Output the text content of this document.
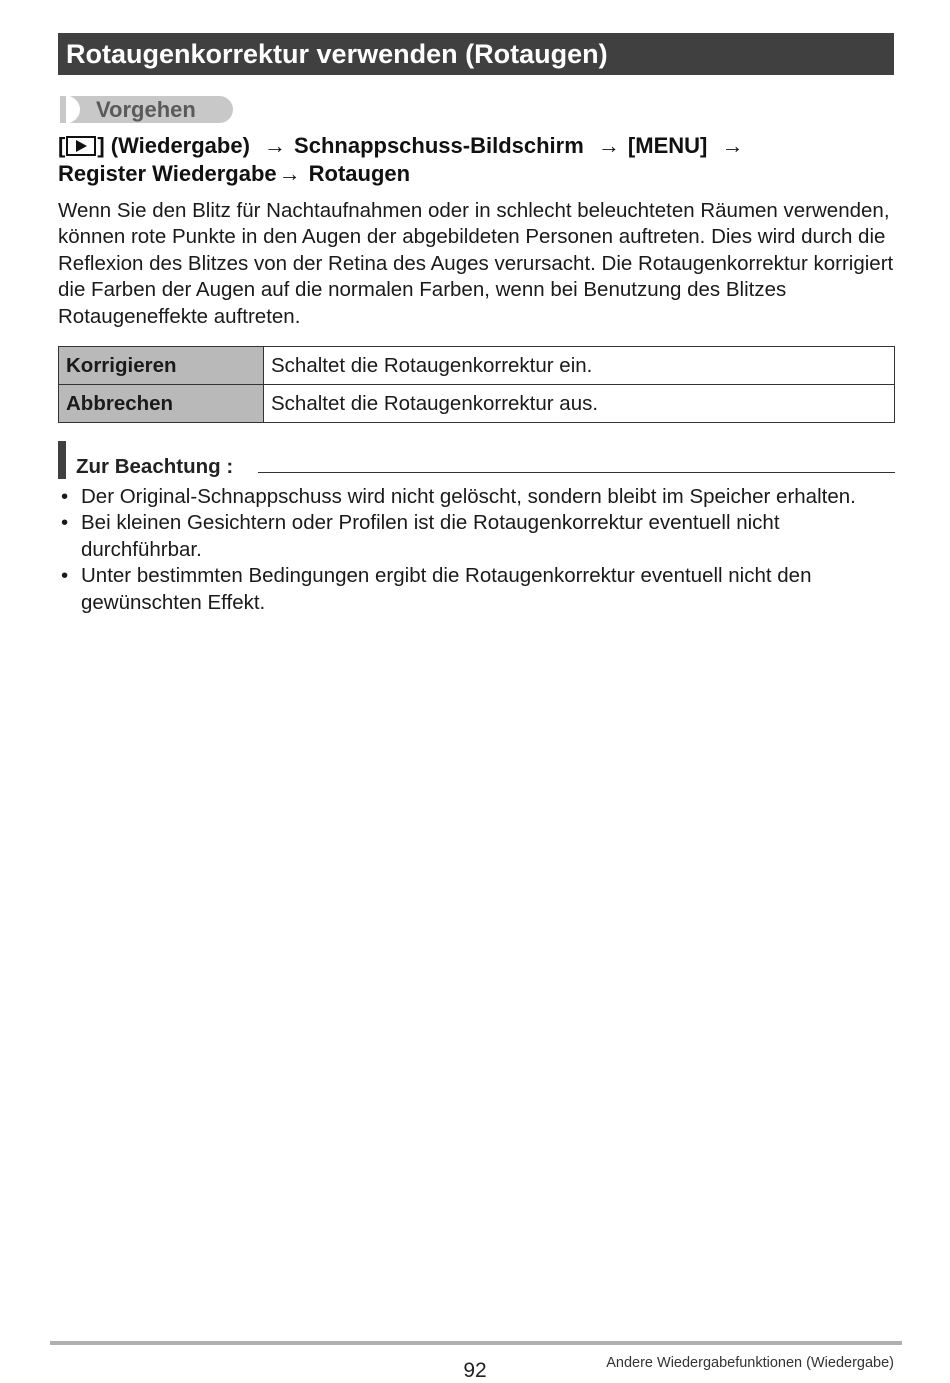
Rotaugenkorrektur verwenden (Rotaugen)
Vorgehen
[ ] (Wiedergabe) → Schnappschuss-Bildschirm → [MENU] →
Register Wiedergabe→ Rotaugen
Wenn Sie den Blitz für Nachtaufnahmen oder in schlecht beleuchteten Räumen verwenden, können rote Punkte in den Augen der abgebildeten Personen auftreten. Dies wird durch die Reflexion des Blitzes von der Retina des Auges verursacht. Die Rotaugenkorrektur korrigiert die Farben der Augen auf die normalen Farben, wenn bei Benutzung des Blitzes Rotaugeneffekte auftreten.
Korrigieren	Schaltet die Rotaugenkorrektur ein.
Abbrechen	Schaltet die Rotaugenkorrektur aus.
Zur Beachtung :
• Der Original-Schnappschuss wird nicht gelöscht, sondern bleibt im Speicher erhalten.
• Bei kleinen Gesichtern oder Profilen ist die Rotaugenkorrektur eventuell nicht durchführbar.
• Unter bestimmten Bedingungen ergibt die Rotaugenkorrektur eventuell nicht den gewünschten Effekt.
92	Andere Wiedergabefunktionen (Wiedergabe)
